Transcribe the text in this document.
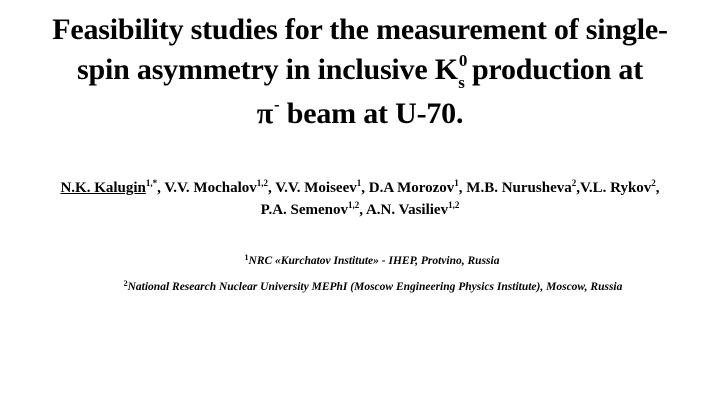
Feasibility studies for the measurement of single-
spin asymmetry in inclusive $K^0_s$ production at
π- beam at U-70.
N.K. Kalugin$^{1,*}$, V.V. Mochalov$^{1,2}$, V.V. Moiseev$^1$, D.A Morozov$^1$, M.B. Nurusheva$^2$,V.L. Rykov$^2$, P.A. Semenov$^{1,2}$, A.N. Vasiliev$^{1,2}$
$^1$NRC «Kurchatov Institute» - IHEP, Protvino, Russia
$^2$National Research Nuclear University MEPhI (Moscow Engineering Physics Institute), Moscow, Russia
